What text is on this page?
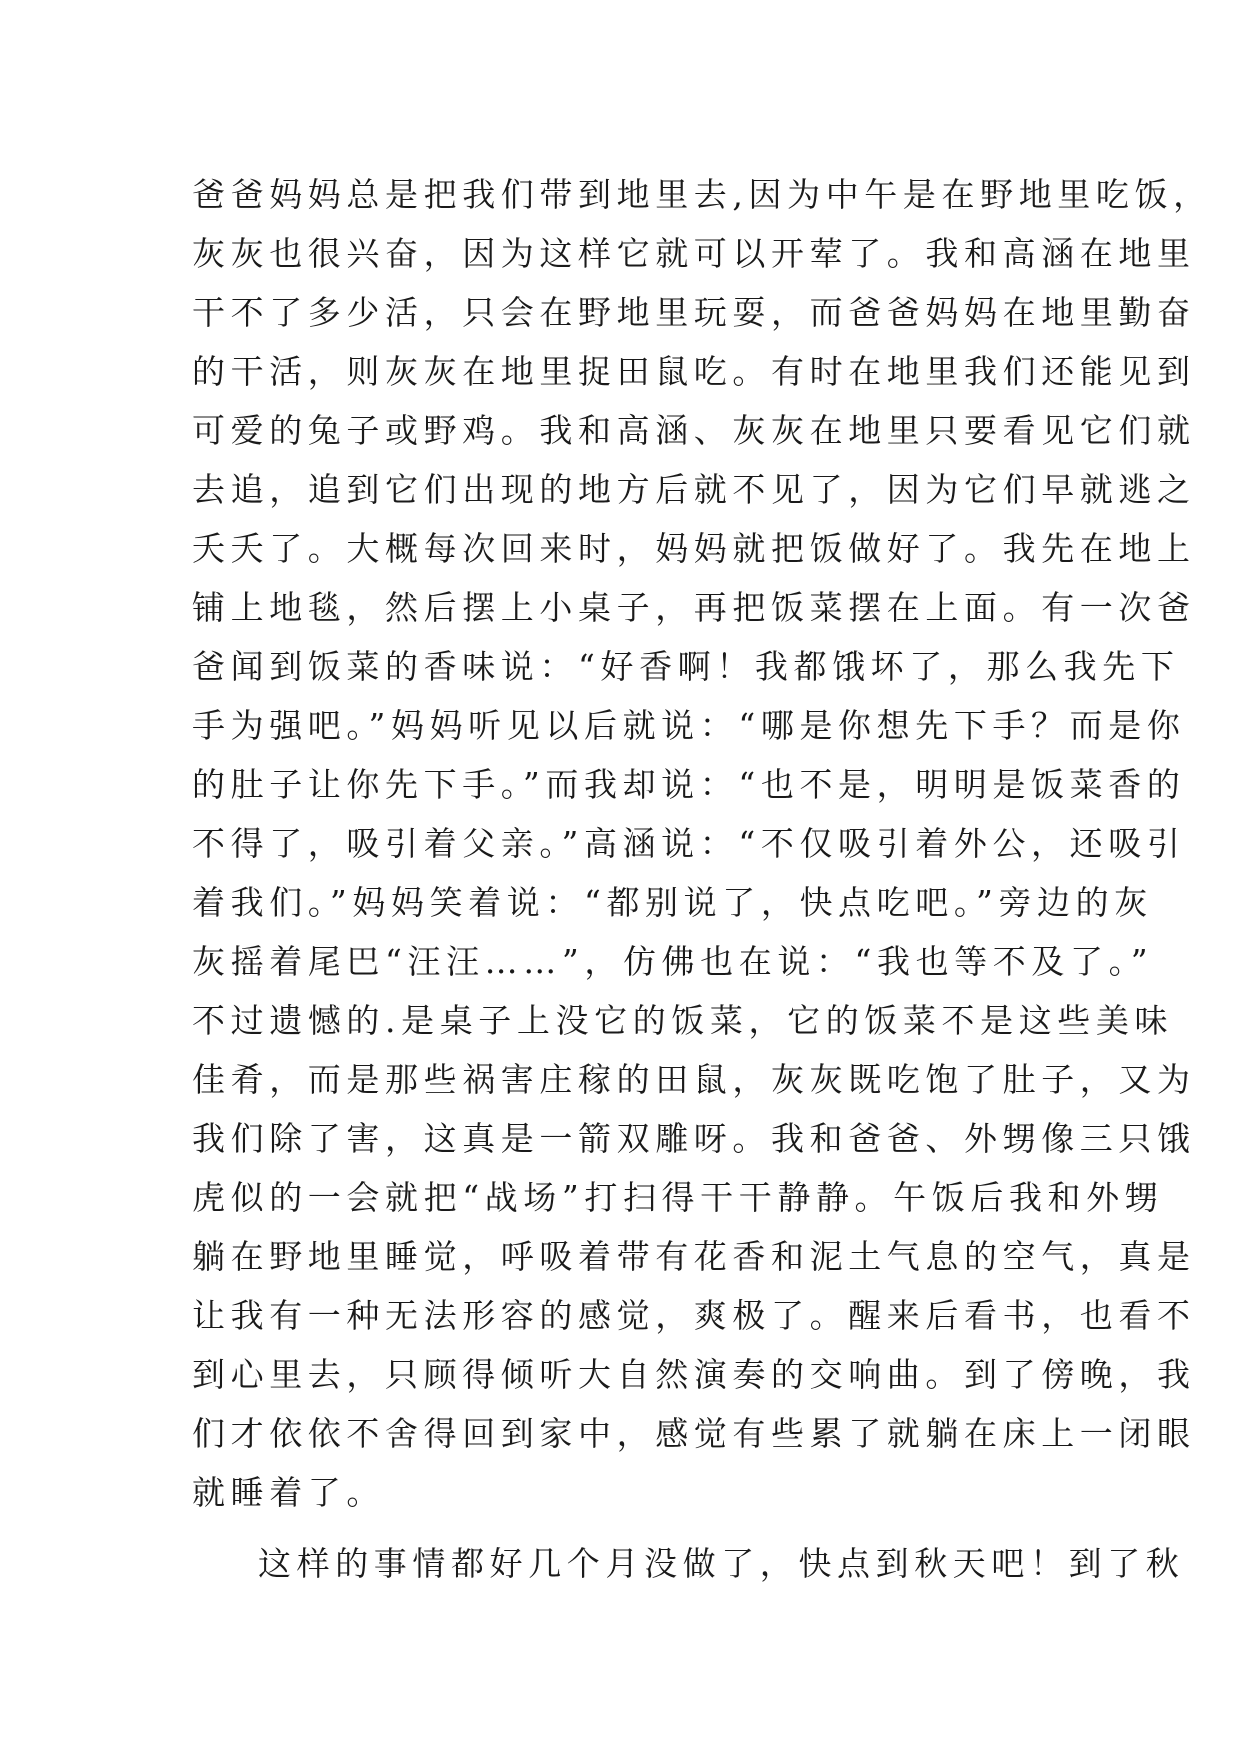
爸爸妈妈总是把我们带到地里去,因为中午是在野地里吃饭，
灰灰也很兴奋，因为这样它就可以开荤了。我和高涵在地里
干不了多少活，只会在野地里玩耍，而爸爸妈妈在地里勤奋
的干活，则灰灰在地里捉田鼠吃。有时在地里我们还能见到
可爱的兔子或野鸡。我和高涵、灰灰在地里只要看见它们就
去追，追到它们出现的地方后就不见了，因为它们早就逃之
夭夭了。大概每次回来时，妈妈就把饭做好了。我先在地上
铺上地毯，然后摆上小桌子，再把饭菜摆在上面。有一次爸
爸闻到饭菜的香味说：“好香啊！我都饿坏了，那么我先下
手为强吧。”妈妈听见以后就说：“哪是你想先下手？而是你
的肚子让你先下手。”而我却说：“也不是，明明是饭菜香的
不得了，吸引着父亲。”高涵说：“不仅吸引着外公，还吸引
着我们。”妈妈笑着说：“都别说了，快点吃吧。”旁边的灰
灰摇着尾巴“汪汪……”，仿佛也在说：“我也等不及了。”
不过遗憾的.是桌子上没它的饭菜，它的饭菜不是这些美味
佳肴，而是那些祸害庄稼的田鼠，灰灰既吃饱了肚子，又为
我们除了害，这真是一箭双雕呀。我和爸爸、外甥像三只饿
虎似的一会就把“战场”打扫得干干静静。午饭后我和外甥
躺在野地里睡觉，呼吸着带有花香和泥土气息的空气，真是
让我有一种无法形容的感觉，爽极了。醒来后看书，也看不
到心里去，只顾得倾听大自然演奏的交响曲。到了傍晚，我
们才依依不舍得回到家中，感觉有些累了就躺在床上一闭眼
就睡着了。
这样的事情都好几个月没做了，快点到秋天吧！到了秋
